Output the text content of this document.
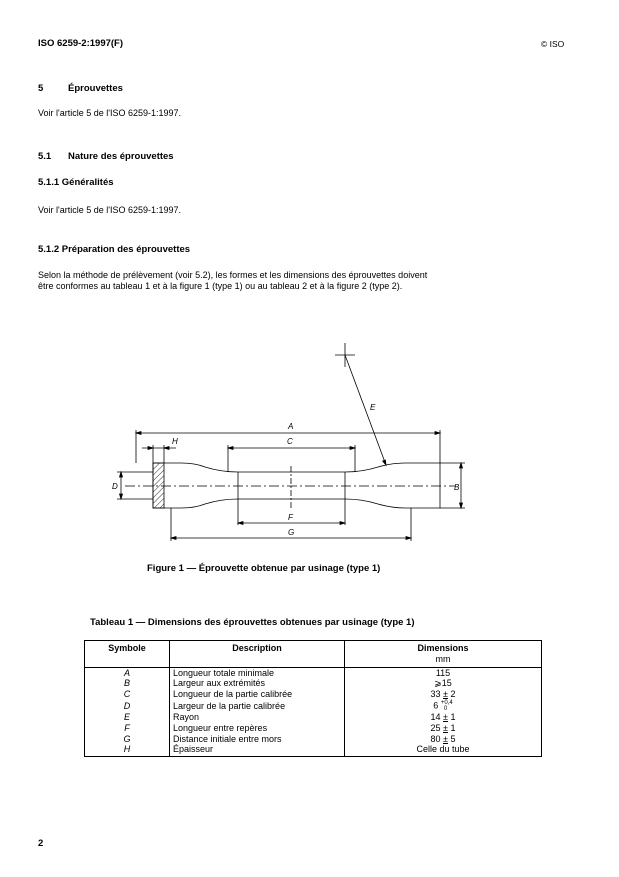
ISO 6259-2:1997(F)	© ISO
5	Éprouvettes
Voir l'article 5 de l'ISO 6259-1:1997.
5.1 Nature des éprouvettes
5.1.1 Généralités
Voir l'article 5 de l'ISO 6259-1:1997.
5.1.2 Préparation des éprouvettes
Selon la méthode de prélèvement (voir 5.2), les formes et les dimensions des éprouvettes doivent
être conformes au tableau 1 et à la figure 1 (type 1) ou au tableau 2 et à la figure 2 (type 2).
A
C
H
D	B
F
G
E
Figure 1 — Éprouvette obtenue par usinage (type 1)
Tableau 1 — Dimensions des éprouvettes obtenues par usinage (type 1)
Symbole	Description	Dimensions
		mm
A	Longueur totale minimale	115
B	Largeur aux extrémités	⩾15
C	Longueur de la partie calibrée	33 ± 2
D	Largeur de la partie calibrée	6 +0,4
0

E	Rayon	14 ± 1
F	Longueur entre repères	25 ± 1
G	Distance initiale entre mors	80 ± 5
H	Épaisseur	Celle du tube
2
